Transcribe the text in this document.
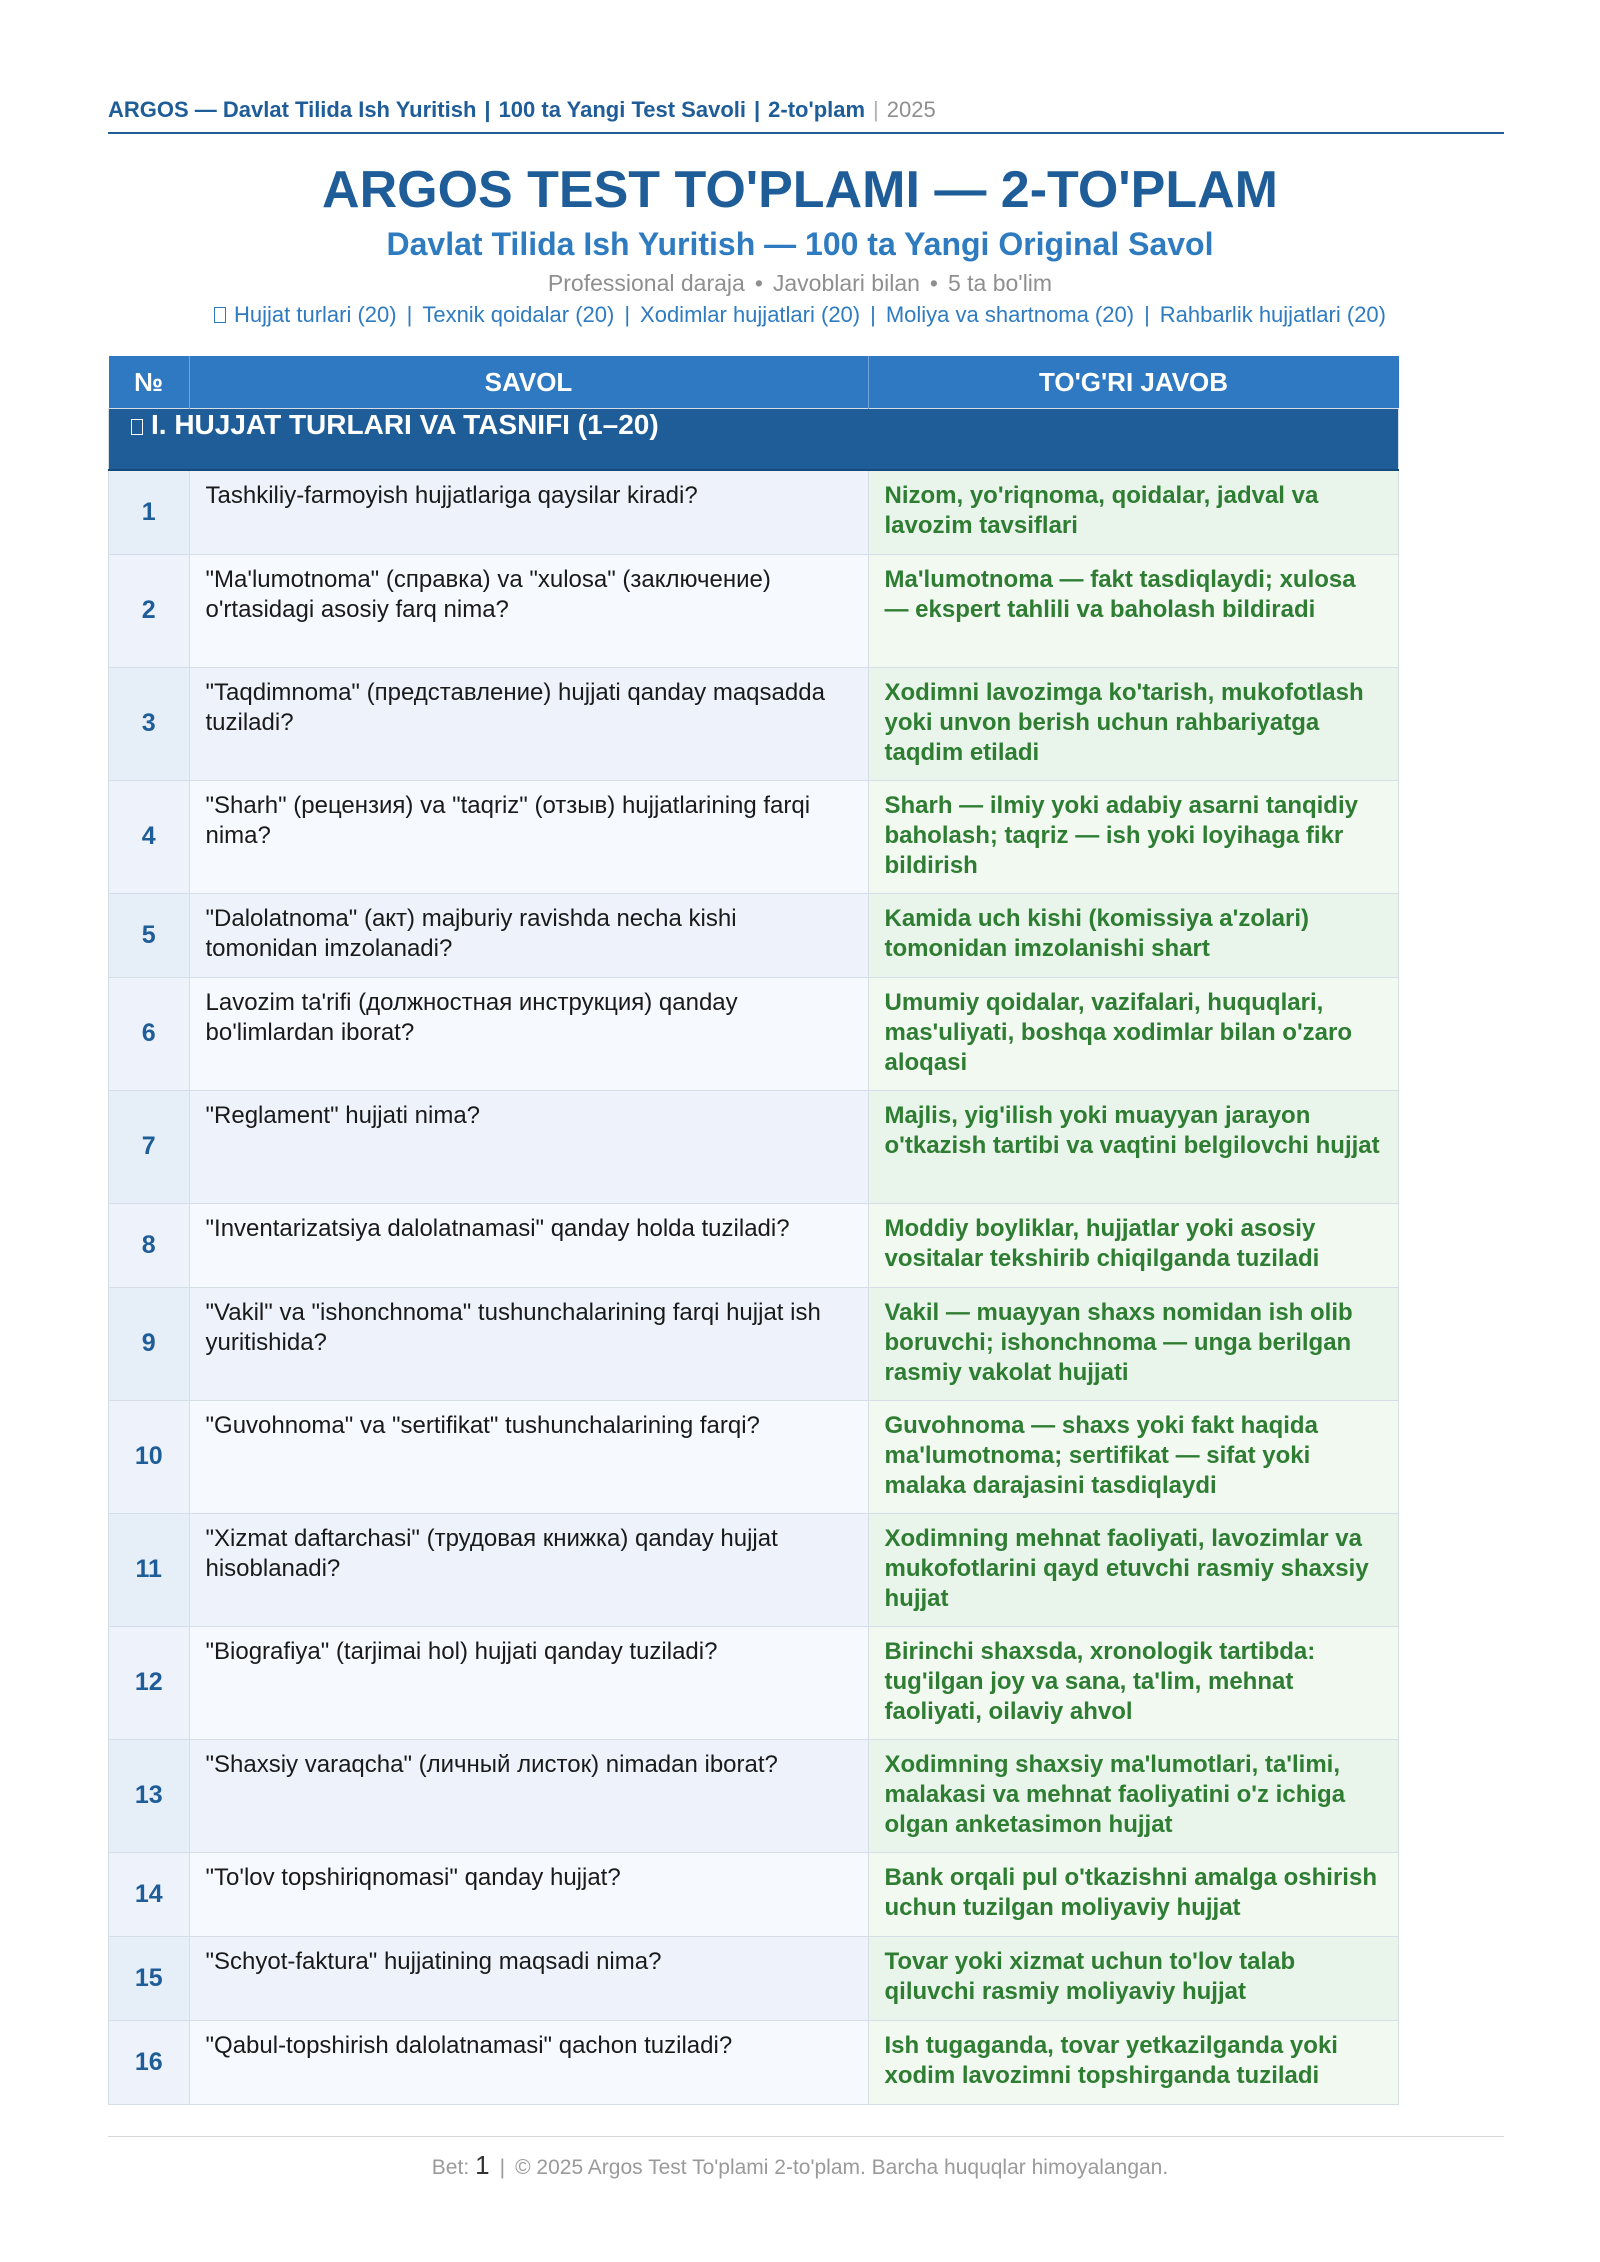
ARGOS — Davlat Tilida Ish Yuritish | 100 ta Yangi Test Savoli | 2-to'plam | 2025
ARGOS TEST TO'PLAMI — 2-TO'PLAM
Davlat Tilida Ish Yuritish — 100 ta Yangi Original Savol
Professional daraja • Javoblari bilan • 5 ta bo'lim
Hujjat turlari (20) | Texnik qoidalar (20) | Xodimlar hujjatlari (20) | Moliya va shartnoma (20) | Rahbarlik hujjatlari (20)
№	SAVOL	TO'G'RI JAVOB
I. HUJJAT TURLARI VA TASNIFI (1–20)		
1	Tashkiliy-farmoyish hujjatlariga qaysilar kiradi?	Nizom, yo'riqnoma, qoidalar, jadval va lavozim tavsiflari
2	"Ma'lumotnoma" (справка) va "xulosa" (заключение) o'rtasidagi asosiy farq nima?	Ma'lumotnoma — fakt tasdiqlaydi; xulosa — ekspert tahlili va baholash bildiradi
3	"Taqdimnoma" (представление) hujjati qanday maqsadda tuziladi?	Xodimni lavozimga ko'tarish, mukofotlash yoki unvon berish uchun rahbariyatga taqdim etiladi
4	"Sharh" (рецензия) va "taqriz" (отзыв) hujjatlarining farqi nima?	Sharh — ilmiy yoki adabiy asarni tanqidiy baholash; taqriz — ish yoki loyihaga fikr bildirish
5	"Dalolatnoma" (акт) majburiy ravishda necha kishi tomonidan imzolanadi?	Kamida uch kishi (komissiya a'zolari) tomonidan imzolanishi shart
6	Lavozim ta'rifi (должностная инструкция) qanday bo'limlardan iborat?	Umumiy qoidalar, vazifalari, huquqlari, mas'uliyati, boshqa xodimlar bilan o'zaro aloqasi
7	"Reglament" hujjati nima?	Majlis, yig'ilish yoki muayyan jarayon o'tkazish tartibi va vaqtini belgilovchi hujjat
8	"Inventarizatsiya dalolatnamasi" qanday holda tuziladi?	Moddiy boyliklar, hujjatlar yoki asosiy vositalar tekshirib chiqilganda tuziladi
9	"Vakil" va "ishonchnoma" tushunchalarining farqi hujjat ish yuritishida?	Vakil — muayyan shaxs nomidan ish olib boruvchi; ishonchnoma — unga berilgan rasmiy vakolat hujjati
10	"Guvohnoma" va "sertifikat" tushunchalarining farqi?	Guvohnoma — shaxs yoki fakt haqida ma'lumotnoma; sertifikat — sifat yoki malaka darajasini tasdiqlaydi
11	"Xizmat daftarchasi" (трудовая книжка) qanday hujjat hisoblanadi?	Xodimning mehnat faoliyati, lavozimlar va mukofotlarini qayd etuvchi rasmiy shaxsiy hujjat
12	"Biografiya" (tarjimai hol) hujjati qanday tuziladi?	Birinchi shaxsda, xronologik tartibda: tug'ilgan joy va sana, ta'lim, mehnat faoliyati, oilaviy ahvol
13	"Shaxsiy varaqcha" (личный листок) nimadan iborat?	Xodimning shaxsiy ma'lumotlari, ta'limi, malakasi va mehnat faoliyatini o'z ichiga olgan anketasimon hujjat
14	"To'lov topshiriqnomasi" qanday hujjat?	Bank orqali pul o'tkazishni amalga oshirish uchun tuzilgan moliyaviy hujjat
15	"Schyot-faktura" hujjatining maqsadi nima?	Tovar yoki xizmat uchun to'lov talab qiluvchi rasmiy moliyaviy hujjat
16	"Qabul-topshirish dalolatnamasi" qachon tuziladi?	Ish tugaganda, tovar yetkazilganda yoki xodim lavozimni topshirganda tuziladi
Bet: 1 | © 2025 Argos Test To'plami 2-to'plam. Barcha huquqlar himoyalangan.
